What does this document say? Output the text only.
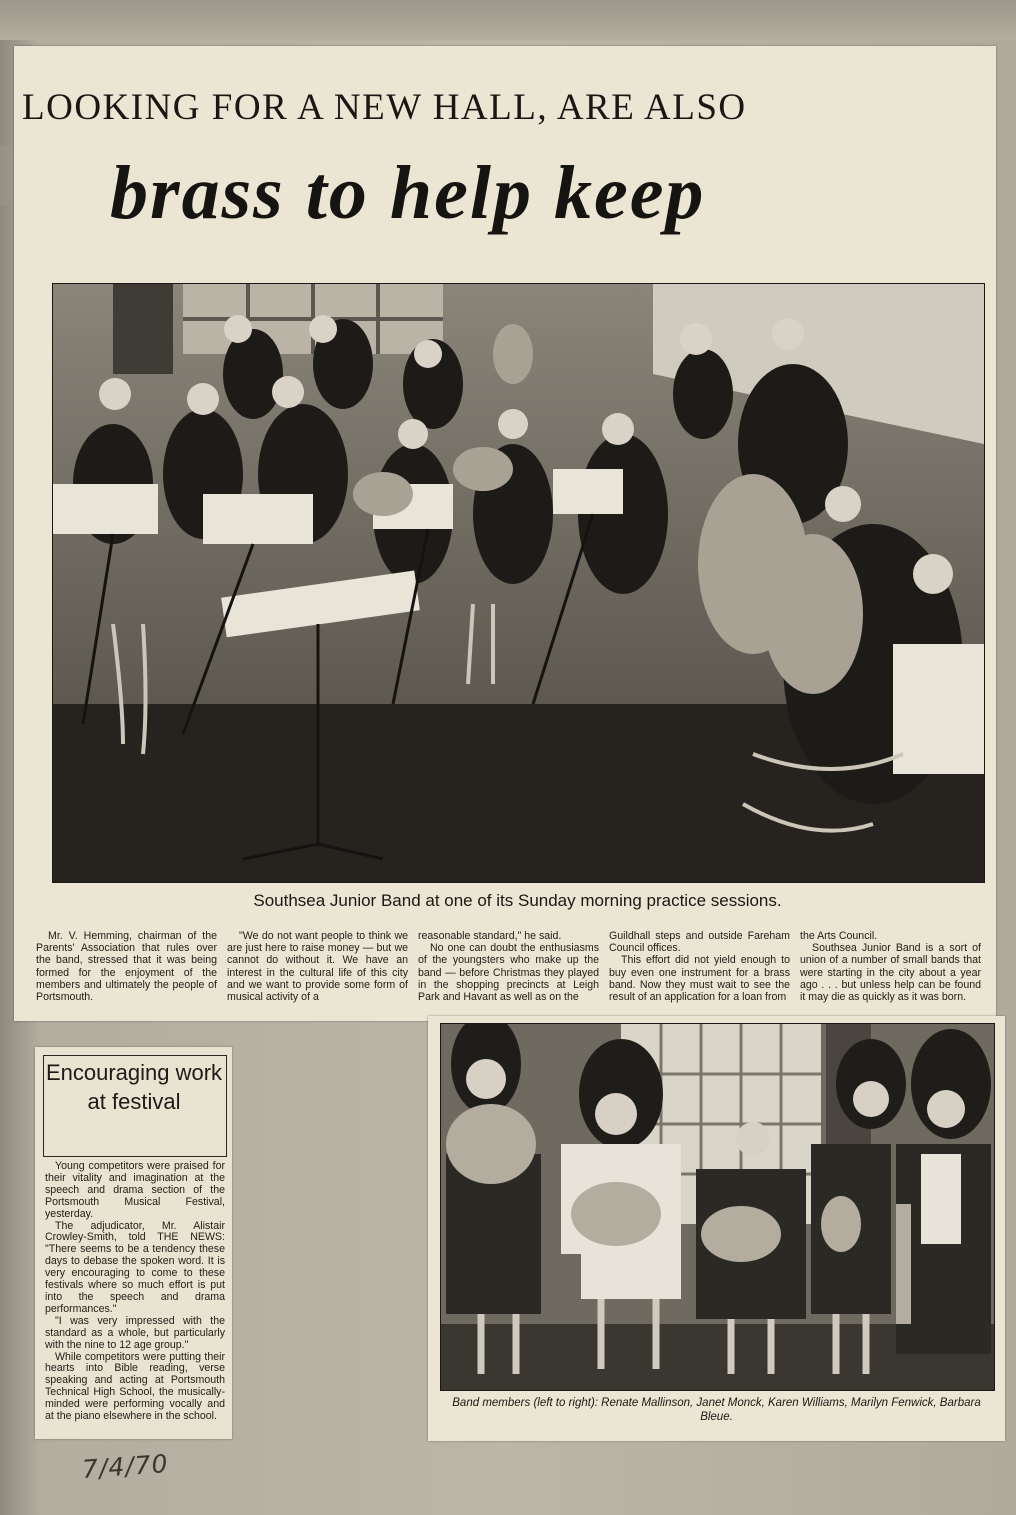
LOOKING FOR A NEW HALL, ARE ALSO
brass to help keep
Southsea Junior Band at one of its Sunday morning practice sessions.

Mr. V. Hemming, chairman of the Parents' Association that rules over the band, stressed that it was being formed for the enjoyment of the members and ultimately the people of Portsmouth.

"We do not want people to think we are just here to raise money — but we cannot do without it. We have an interest in the cultural life of this city and we want to provide some form of musical activity of a

reasonable standard," he said.

No one can doubt the enthusiasms of the youngsters who make up the band — before Christmas they played in the shopping precincts at Leigh Park and Havant as well as on the

Guildhall steps and outside Fareham Council offices.

This effort did not yield enough to buy even one instrument for a brass band. Now they must wait to see the result of an application for a loan from

the Arts Council.

Southsea Junior Band is a sort of union of a number of small bands that were starting in the city about a year ago . . . but unless help can be found it may die as quickly as it was born.

Band members (left to right): Renate Mallinson, Janet Monck, Karen Williams, Marilyn Fenwick, Barbara Bleue.
Encouraging work at festival

Young competitors were praised for their vitality and imagination at the speech and drama section of the Portsmouth Musical Festival, yesterday.

The adjudicator, Mr. Alistair Crowley-Smith, told THE NEWS: "There seems to be a tendency these days to debase the spoken word. It is very encouraging to come to these festivals where so much effort is put into the speech and drama performances."

"I was very impressed with the standard as a whole, but particularly with the nine to 12 age group."

While competitors were putting their hearts into Bible reading, verse speaking and acting at Portsmouth Technical High School, the musically-minded were performing vocally and at the piano elsewhere in the school.

7/4/70
